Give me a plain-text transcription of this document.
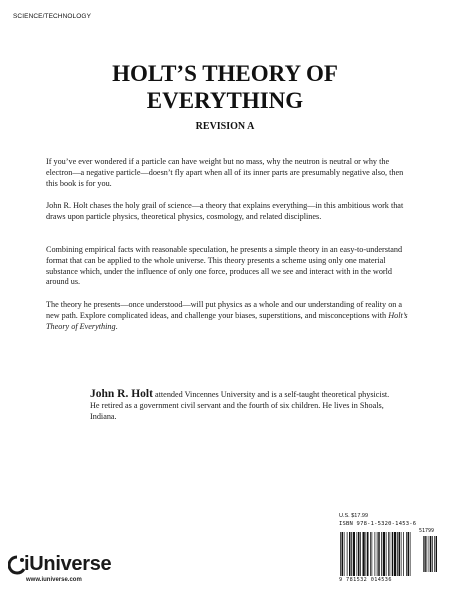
SCIENCE/TECHNOLOGY
HOLT’S THEORY OF
EVERYTHING
REVISION A
If you’ve ever wondered if a particle can have weight but no mass, why the neutron is neutral or why the electron—a negative particle—doesn’t fly apart when all of its inner parts are presumably negative also, then this book is for you.
John R. Holt chases the holy grail of science—a theory that explains everything—in this ambitious work that draws upon particle physics, theoretical physics, cosmology, and related disciplines.
Combining empirical facts with reasonable speculation, he presents a simple theory in an easy-to-understand format that can be applied to the whole universe. This theory presents a scheme using only one material substance which, under the influence of only one force, produces all we see and interact with in the world around us.
The theory he presents—once understood—will put physics as a whole and our understanding of reality on a new path. Explore complicated ideas, and challenge your biases, superstitions, and misconceptions with Holt’s Theory of Everything.
John R. Holt attended Vincennes University and is a self-taught theoretical physicist. He retired as a government civil servant and the fourth of six children. He lives in Shoals, Indiana.
iUniverse
www.iuniverse.com
U.S. $17.99
ISBN 978-1-5320-1453-6
51799
9 781532 014536
